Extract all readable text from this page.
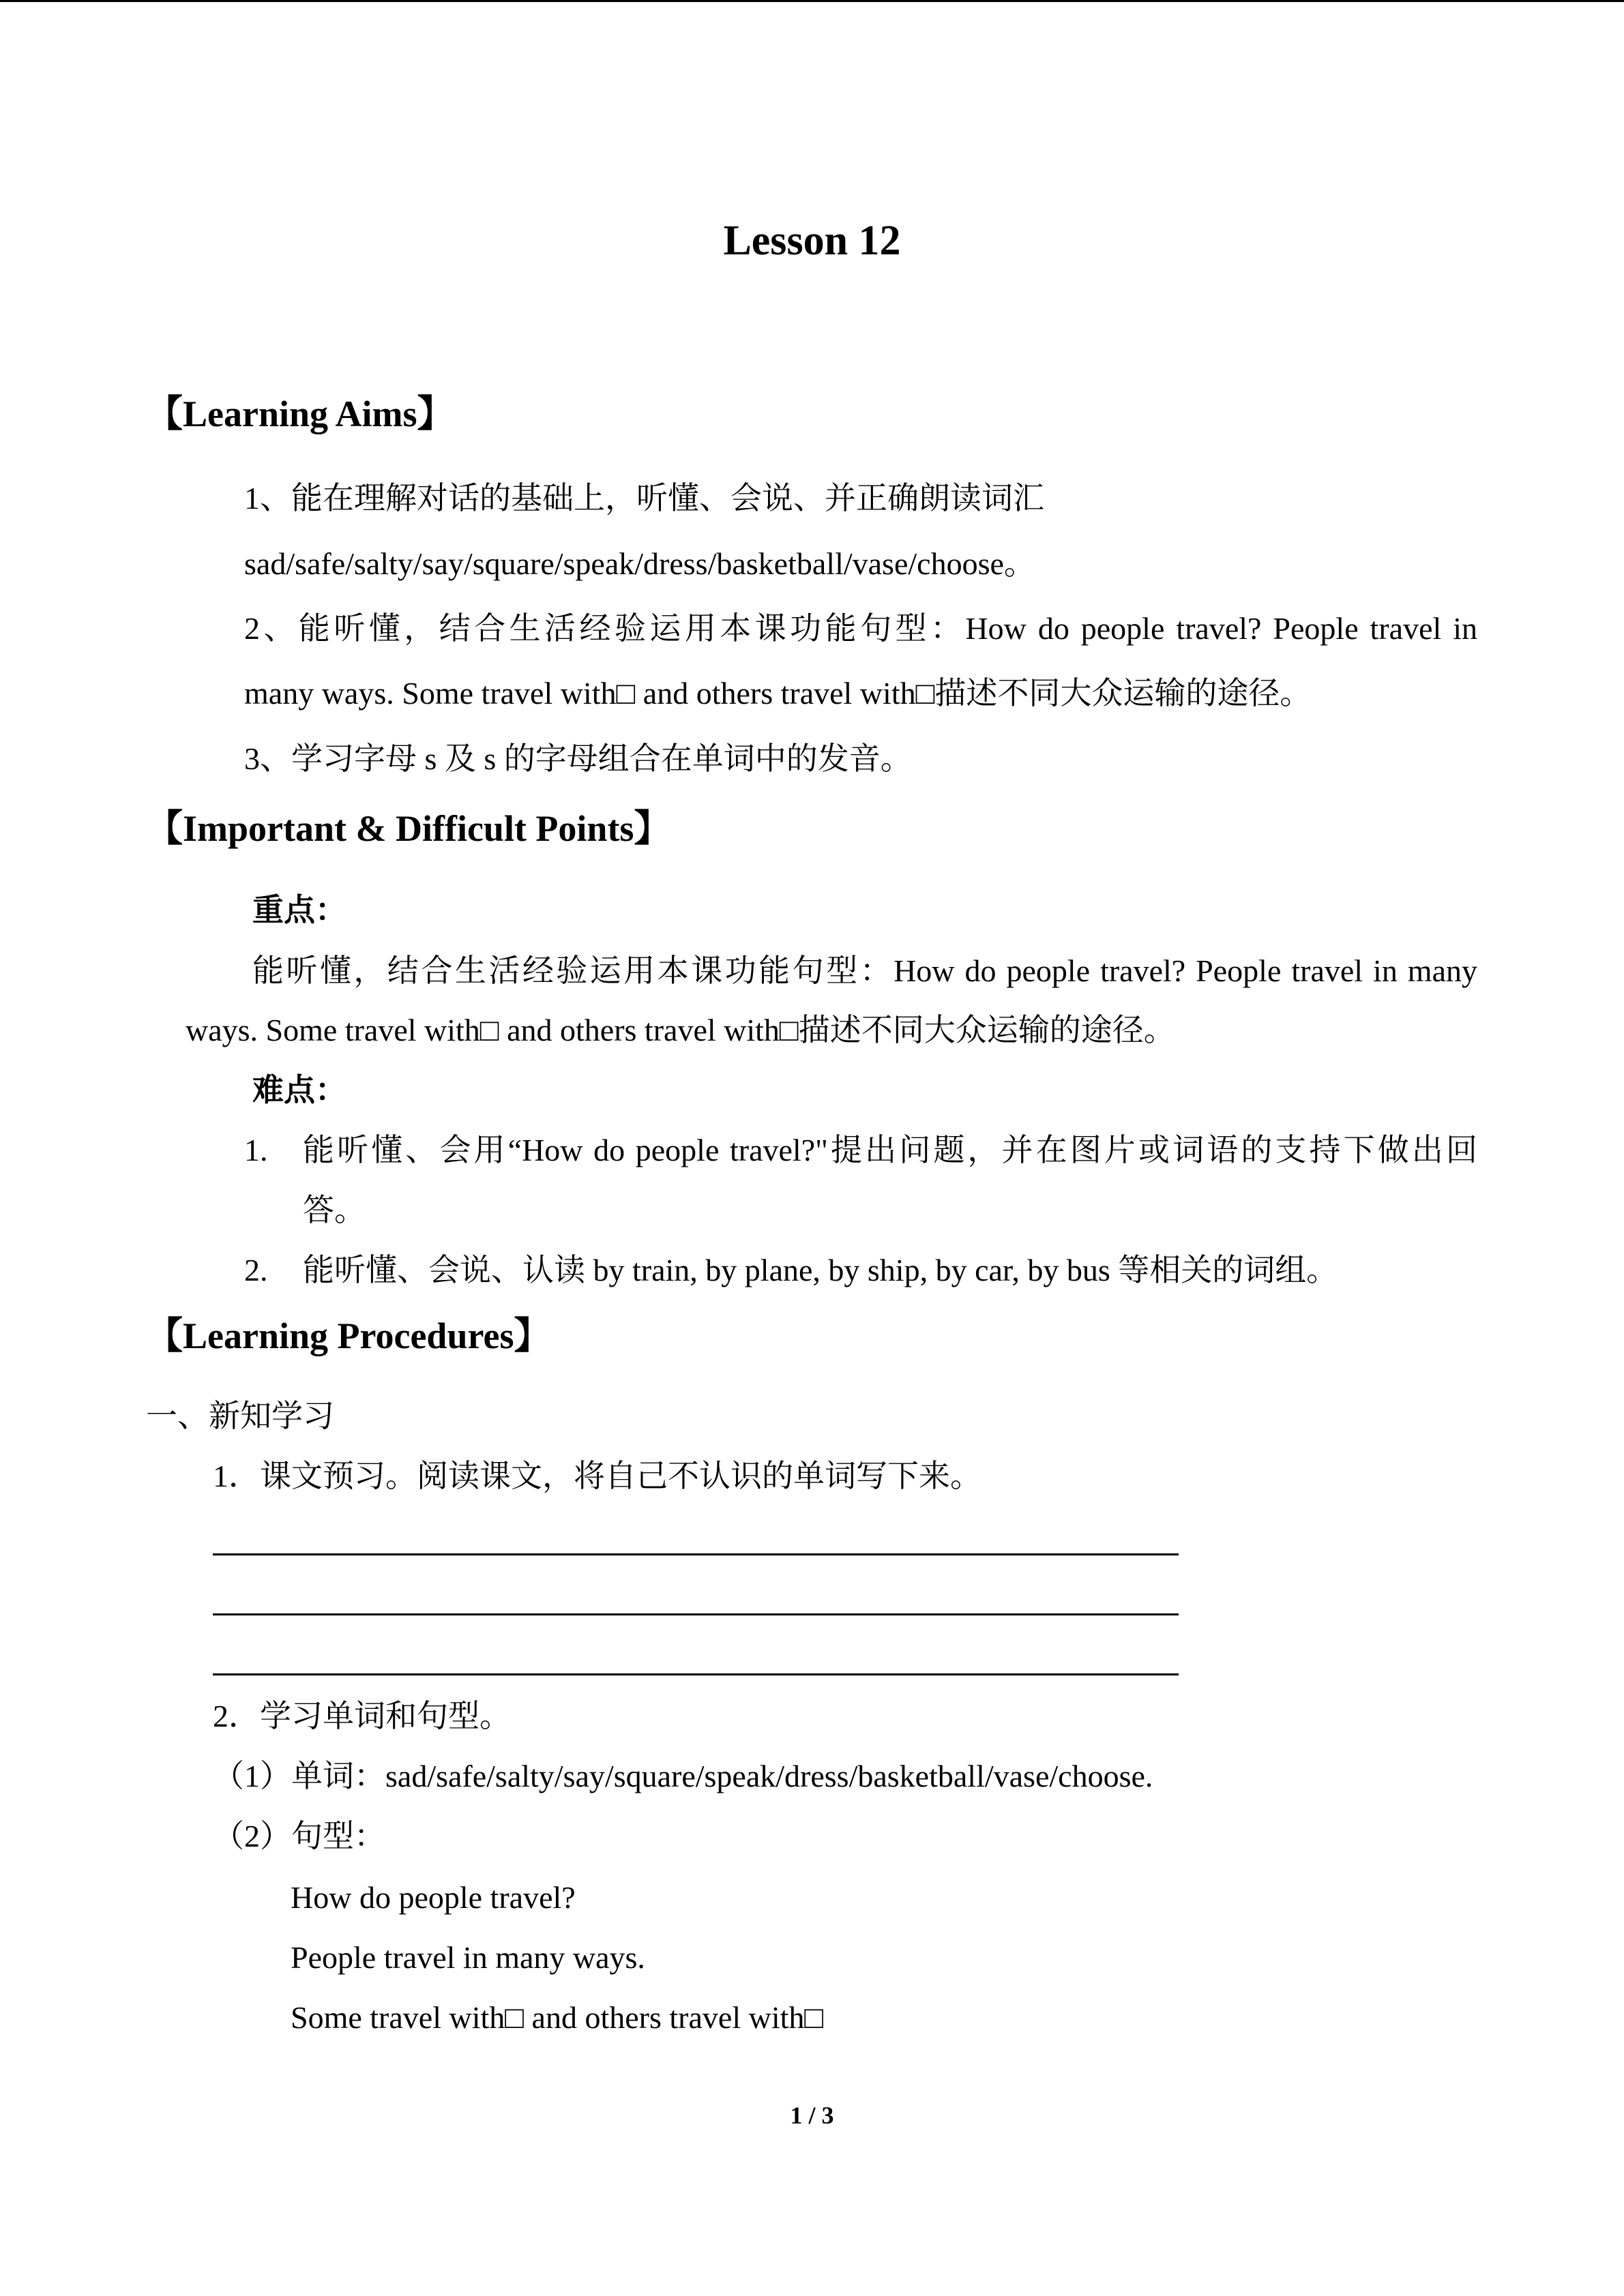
Lesson 12
【Learning Aims】
1、能在理解对话的基础上，听懂、会说、并正确朗读词汇
sad/safe/salty/say/square/speak/dress/basketball/vase/choose。
2、能听懂，结合生活经验运用本课功能句型：How do people travel? People travel in
many ways. Some travel with□ and others travel with□描述不同大众运输的途径。
3、学习字母 s 及 s 的字母组合在单词中的发音。
【Important & Difficult Points】
重点：
能听懂，结合生活经验运用本课功能句型：How do people travel? People travel in many
ways. Some travel with□ and others travel with□描述不同大众运输的途径。
难点：
1. 能听懂、会用“How do people travel?"提出问题，并在图片或词语的支持下做出回
答。
2. 能听懂、会说、认读 by train, by plane, by ship, by car, by bus 等相关的词组。
【Learning Procedures】
一、新知学习
1．课文预习。阅读课文，将自己不认识的单词写下来。
2．学习单词和句型。
（1）单词：sad/safe/salty/say/square/speak/dress/basketball/vase/choose.
（2）句型：
How do people travel?
People travel in many ways.
Some travel with□ and others travel with□
1 / 3
